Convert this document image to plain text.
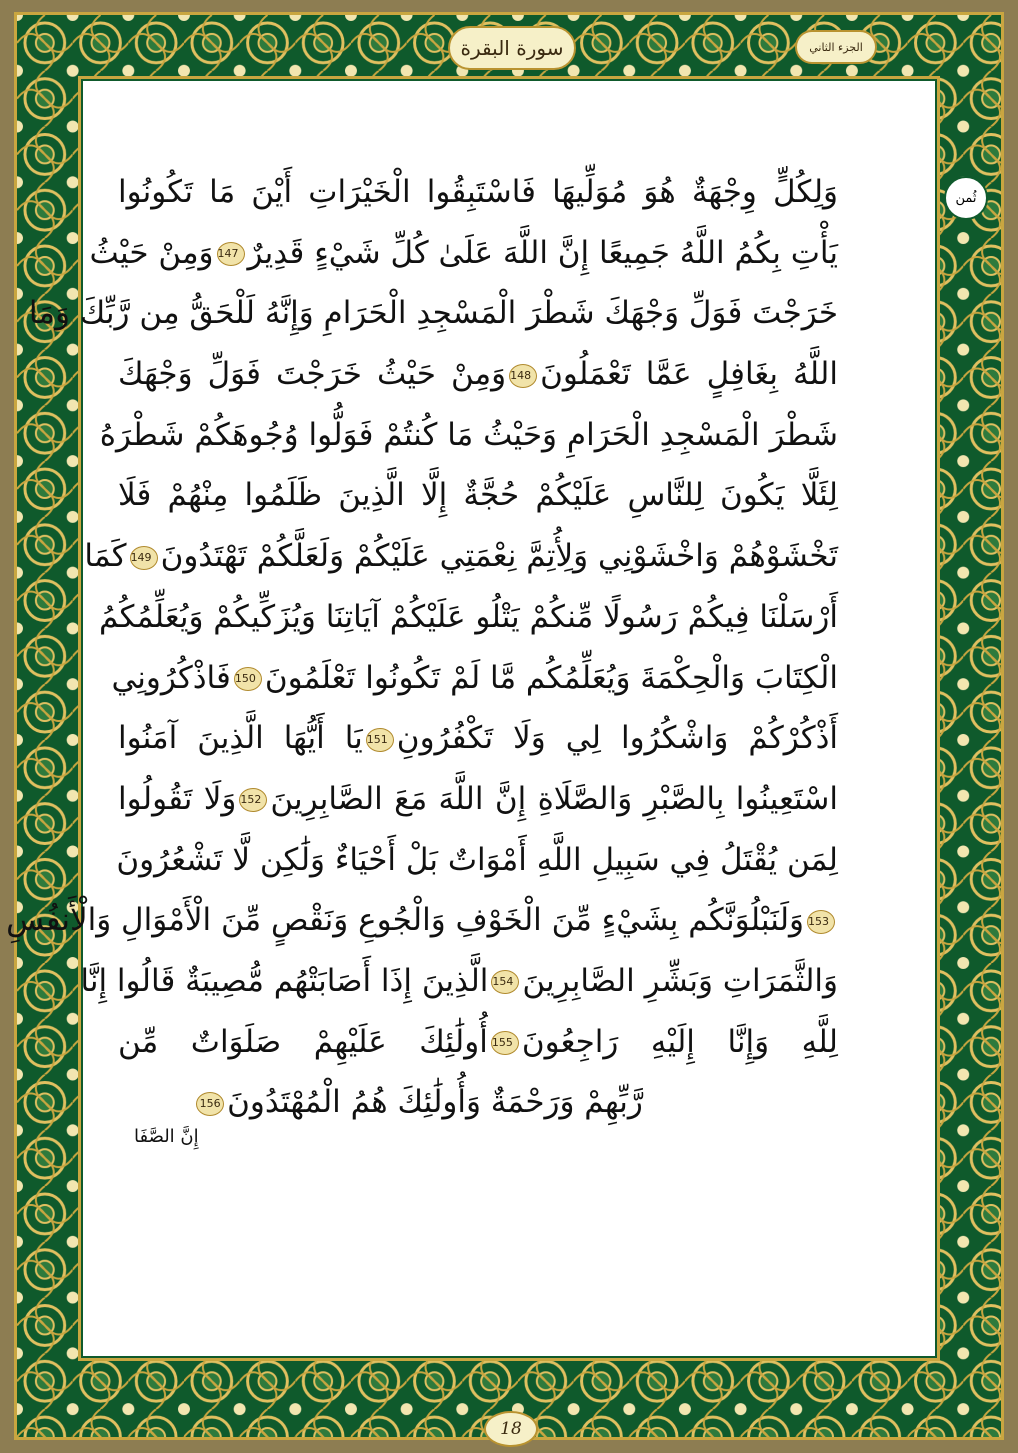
سورة البقرة	الجزء الثاني
ثُمن
وَلِكُلٍّ وِجْهَةٌ هُوَ مُوَلِّيهَا فَاسْتَبِقُوا الْخَيْرَاتِ أَيْنَ مَا تَكُونُوا
يَأْتِ بِكُمُ اللَّهُ جَمِيعًا إِنَّ اللَّهَ عَلَىٰ كُلِّ شَيْءٍ قَدِيرٌ147وَمِنْ حَيْثُ
خَرَجْتَ فَوَلِّ وَجْهَكَ شَطْرَ الْمَسْجِدِ الْحَرَامِ وَإِنَّهُ لَلْحَقُّ مِن رَّبِّكَ وَمَا
اللَّهُ بِغَافِلٍ عَمَّا تَعْمَلُونَ148وَمِنْ حَيْثُ خَرَجْتَ فَوَلِّ وَجْهَكَ
شَطْرَ الْمَسْجِدِ الْحَرَامِ وَحَيْثُ مَا كُنتُمْ فَوَلُّوا وُجُوهَكُمْ شَطْرَهُ
لِئَلَّا يَكُونَ لِلنَّاسِ عَلَيْكُمْ حُجَّةٌ إِلَّا الَّذِينَ ظَلَمُوا مِنْهُمْ فَلَا
تَخْشَوْهُمْ وَاخْشَوْنِي وَلِأُتِمَّ نِعْمَتِي عَلَيْكُمْ وَلَعَلَّكُمْ تَهْتَدُونَ149كَمَا
أَرْسَلْنَا فِيكُمْ رَسُولًا مِّنكُمْ يَتْلُو عَلَيْكُمْ آيَاتِنَا وَيُزَكِّيكُمْ وَيُعَلِّمُكُمُ
الْكِتَابَ وَالْحِكْمَةَ وَيُعَلِّمُكُم مَّا لَمْ تَكُونُوا تَعْلَمُونَ150فَاذْكُرُونِي
أَذْكُرْكُمْ وَاشْكُرُوا لِي وَلَا تَكْفُرُونِ151يَا أَيُّهَا الَّذِينَ آمَنُوا
اسْتَعِينُوا بِالصَّبْرِ وَالصَّلَاةِ إِنَّ اللَّهَ مَعَ الصَّابِرِينَ152وَلَا تَقُولُوا
لِمَن يُقْتَلُ فِي سَبِيلِ اللَّهِ أَمْوَاتٌ بَلْ أَحْيَاءٌ وَلَٰكِن لَّا تَشْعُرُونَ
153وَلَنَبْلُوَنَّكُم بِشَيْءٍ مِّنَ الْخَوْفِ وَالْجُوعِ وَنَقْصٍ مِّنَ الْأَمْوَالِ وَالْأَنفُسِ
وَالثَّمَرَاتِ وَبَشِّرِ الصَّابِرِينَ154الَّذِينَ إِذَا أَصَابَتْهُم مُّصِيبَةٌ قَالُوا إِنَّا
لِلَّهِ وَإِنَّا إِلَيْهِ رَاجِعُونَ155أُولَٰئِكَ عَلَيْهِمْ صَلَوَاتٌ مِّن
رَّبِّهِمْ وَرَحْمَةٌ وَأُولَٰئِكَ هُمُ الْمُهْتَدُونَ156
إِنَّ الصَّفَا
18
